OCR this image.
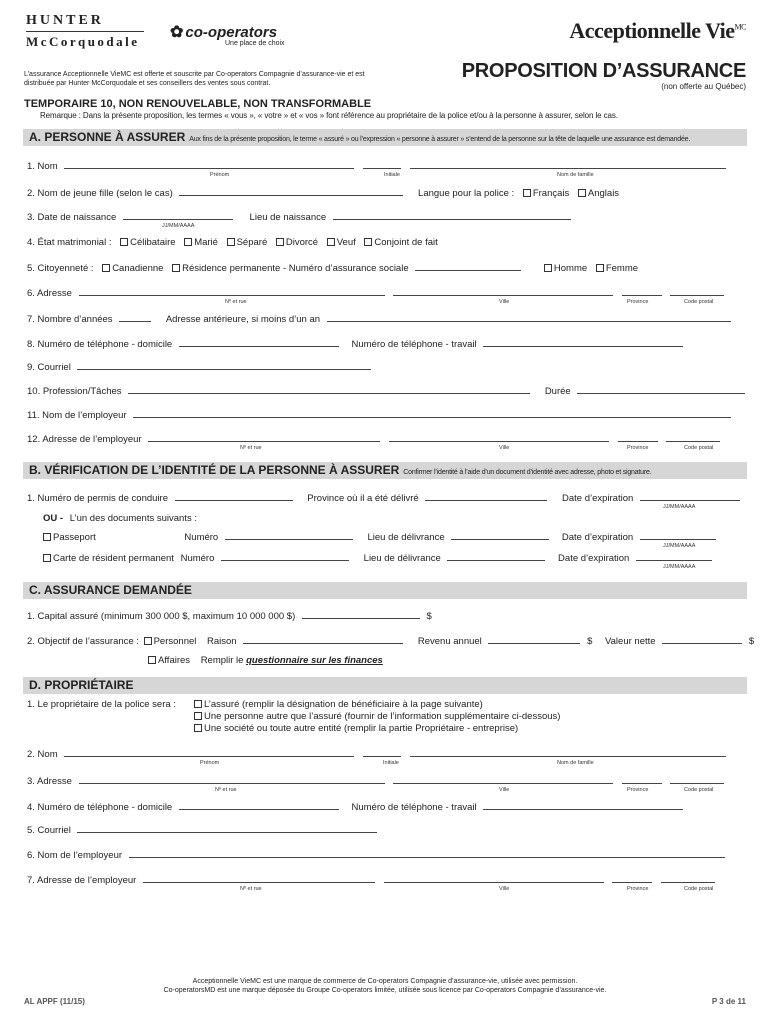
HUNTER
McCorquodale
✿ co-operators
Une place de choix
Acceptionnelle Vie$^{MC}$
L’assurance Acceptionnelle VieMC est offerte et souscrite par Co-operators Compagnie d’assurance-vie et est distribuée par Hunter McCorquodale et ses conseillers des ventes sous contrat.
PROPOSITION D’ASSURANCE
(non offerte au Québec)
TEMPORAIRE 10, NON RENOUVELABLE, NON TRANSFORMABLE
Remarque : Dans la présente proposition, les termes « vous », « votre » et « vos » font référence au propriétaire de la police et/ou à la personne à assurer, selon le cas.
A. PERSONNE À ASSURER Aux fins de la présente proposition, le terme « assuré » ou l’expression « personne à assurer » s’entend de la personne sur la tête de laquelle une assurance est demandée.
1. Nom
Prénom	Initiale	Nom de famille
2. Nom de jeune fille (selon le cas)	Langue pour la police : Français Anglais
3. Date de naissance	Lieu de naissance
JJ/MM/AAAA
4. État matrimonial : Célibataire Marié Séparé Divorcé Veuf Conjoint de fait
5. Citoyenneté : Canadienne Résidence permanente - Numéro d’assurance sociale	Homme Femme
6. Adresse
Nº et rue	Ville	Province	Code postal
7. Nombre d’années	Adresse antérieure, si moins d’un an
8. Numéro de téléphone - domicile	Numéro de téléphone - travail
9. Courriel
10. Profession/Tâches	Durée
11. Nom de l’employeur
12. Adresse de l’employeur
Nº et rue	Ville	Province	Code postal
B. VÉRIFICATION DE L’IDENTITÉ DE LA PERSONNE À ASSURER Confirmer l’identité à l’aide d’un document d’identité avec adresse, photo et signature.
1. Numéro de permis de conduire	Province où il a été délivré	Date d’expiration
JJ/MM/AAAA
OU - L’un des documents suivants :
Passeport	Numéro	Lieu de délivrance	Date d’expiration
JJ/MM/AAAA
Carte de résident permanent Numéro	Lieu de délivrance	Date d’expiration
JJ/MM/AAAA
C. ASSURANCE DEMANDÉE
1. Capital assuré (minimum 300 000 $, maximum 10 000 000 $)	$
2. Objectif de l’assurance : Personnel Raison	Revenu annuel	$ Valeur nette	$
Affaires Remplir le questionnaire sur les finances
D. PROPRIÉTAIRE
1. Le propriétaire de la police sera :	L’assuré (remplir la désignation de bénéficiaire à la page suivante)
Une personne autre que l’assuré (fournir de l’information supplémentaire ci-dessous)
Une société ou toute autre entité (remplir la partie Propriétaire - entreprise)
2. Nom
Prénom	Initiale	Nom de famille
3. Adresse
Nº et rue	Ville	Province	Code postal
4. Numéro de téléphone - domicile	Numéro de téléphone - travail
5. Courriel
6. Nom de l’employeur
7. Adresse de l’employeur
Nº et rue	Ville	Province	Code postal
Acceptionnelle VieMC est une marque de commerce de Co-operators Compagnie d’assurance-vie, utilisée avec permission.
Co-operatorsMD est une marque déposée du Groupe Co-operators limitée, utilisée sous licence par Co-operators Compagnie d’assurance-vie.
AL APPF (11/15)	P 3 de 11
